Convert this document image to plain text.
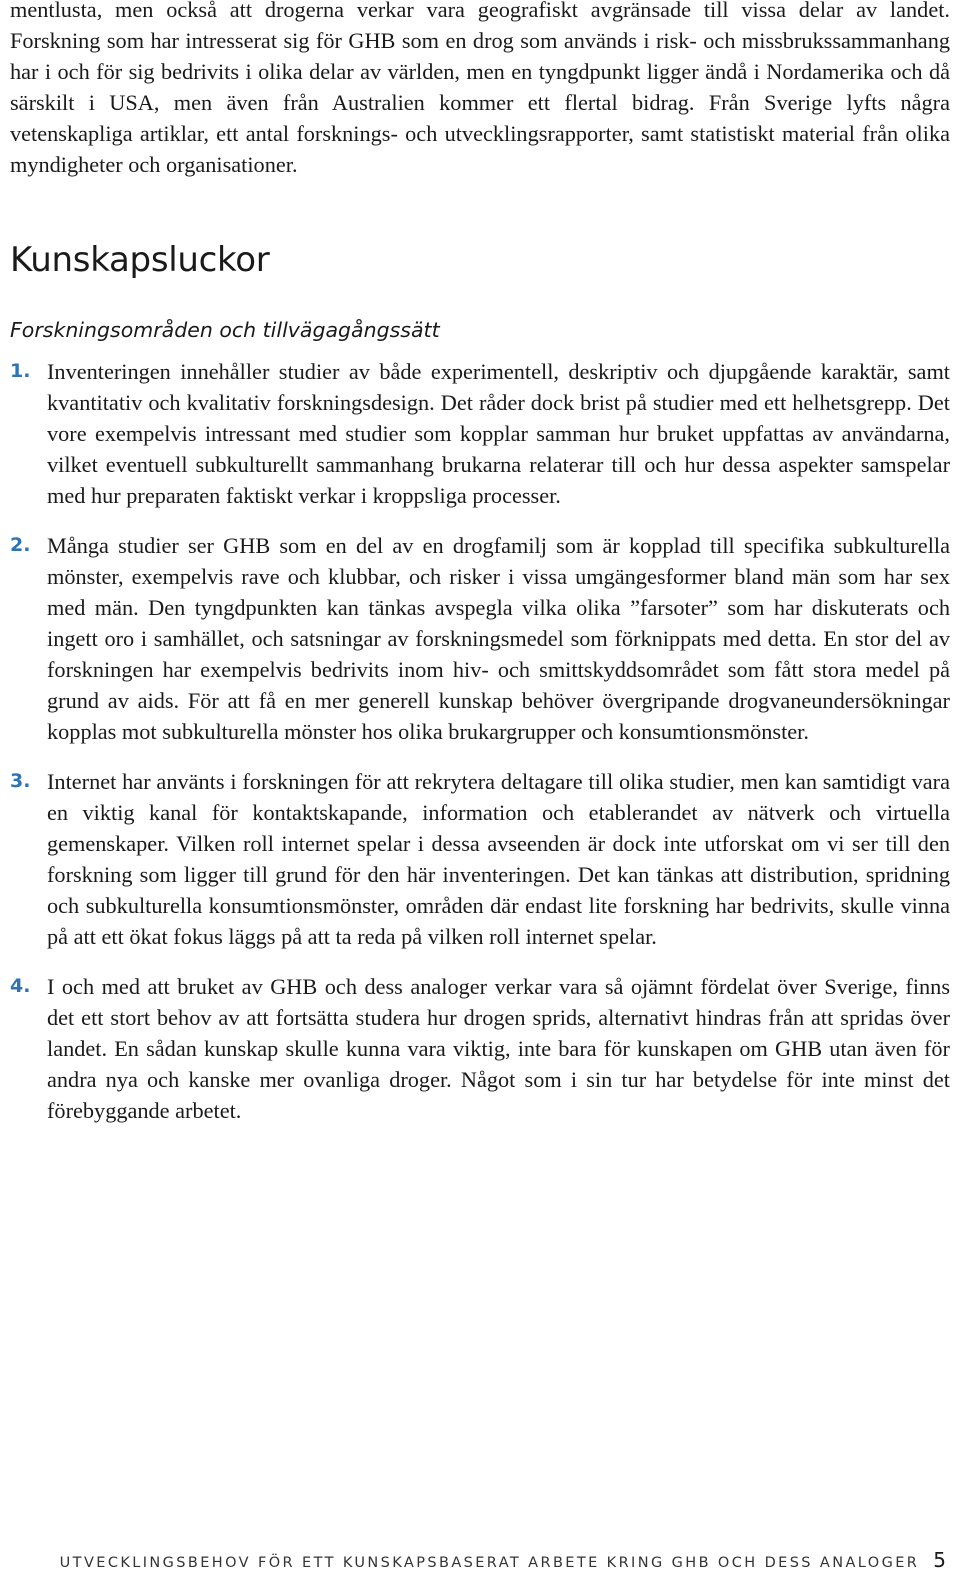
mentlusta, men också att drogerna verkar vara geografiskt avgränsade till vissa delar av landet. Forskning som har intresserat sig för GHB som en drog som används i risk- och missbrukssammanhang har i och för sig bedrivits i olika delar av världen, men en tyngdpunkt ligger ändå i Nordamerika och då särskilt i USA, men även från Australien kommer ett flertal bidrag. Från Sverige lyfts några vetenskapliga artiklar, ett antal forsknings- och utvecklingsrapporter, samt statistiskt material från olika myndigheter och organisationer.

Kunskapsluckor
Forskningsområden och tillvägagångssätt
1. Inventeringen innehåller studier av både experimentell, deskriptiv och djupgående karaktär, samt kvantitativ och kvalitativ forskningsdesign. Det råder dock brist på studier med ett helhetsgrepp. Det vore exempelvis intressant med studier som kopplar samman hur bruket uppfattas av användarna, vilket eventuell subkulturellt sammanhang brukarna relaterar till och hur dessa aspekter samspelar med hur preparaten faktiskt verkar i kroppsliga processer.

2. Många studier ser GHB som en del av en drogfamilj som är kopplad till specifika subkulturella mönster, exempelvis rave och klubbar, och risker i vissa umgängesformer bland män som har sex med män. Den tyngdpunkten kan tänkas avspegla vilka olika ”farsoter” som har diskuterats och ingett oro i samhället, och satsningar av forskningsmedel som förknippats med detta. En stor del av forskningen har exempelvis bedrivits inom hiv- och smittskyddsområdet som fått stora medel på grund av aids. För att få en mer generell kunskap behöver övergripande drogvaneundersökningar kopplas mot subkulturella mönster hos olika brukargrupper och konsumtionsmönster.

3. Internet har använts i forskningen för att rekrytera deltagare till olika studier, men kan samtidigt vara en viktig kanal för kontaktskapande, information och etablerandet av nätverk och virtuella gemenskaper. Vilken roll internet spelar i dessa avseenden är dock inte utforskat om vi ser till den forskning som ligger till grund för den här inventeringen. Det kan tänkas att distribution, spridning och subkulturella konsumtionsmönster, områden där endast lite forskning har bedrivits, skulle vinna på att ett ökat fokus läggs på att ta reda på vilken roll internet spelar.

4. I och med att bruket av GHB och dess analoger verkar vara så ojämnt fördelat över Sverige, finns det ett stort behov av att fortsätta studera hur drogen sprids, alternativt hindras från att spridas över landet. En sådan kunskap skulle kunna vara viktig, inte bara för kunskapen om GHB utan även för andra nya och kanske mer ovanliga droger. Något som i sin tur har betydelse för inte minst det förebyggande arbetet.

UTVECKLINGSBEHOV FÖR ETT KUNSKAPSBASERAT ARBETE KRING GHB OCH DESS ANALOGER 5
